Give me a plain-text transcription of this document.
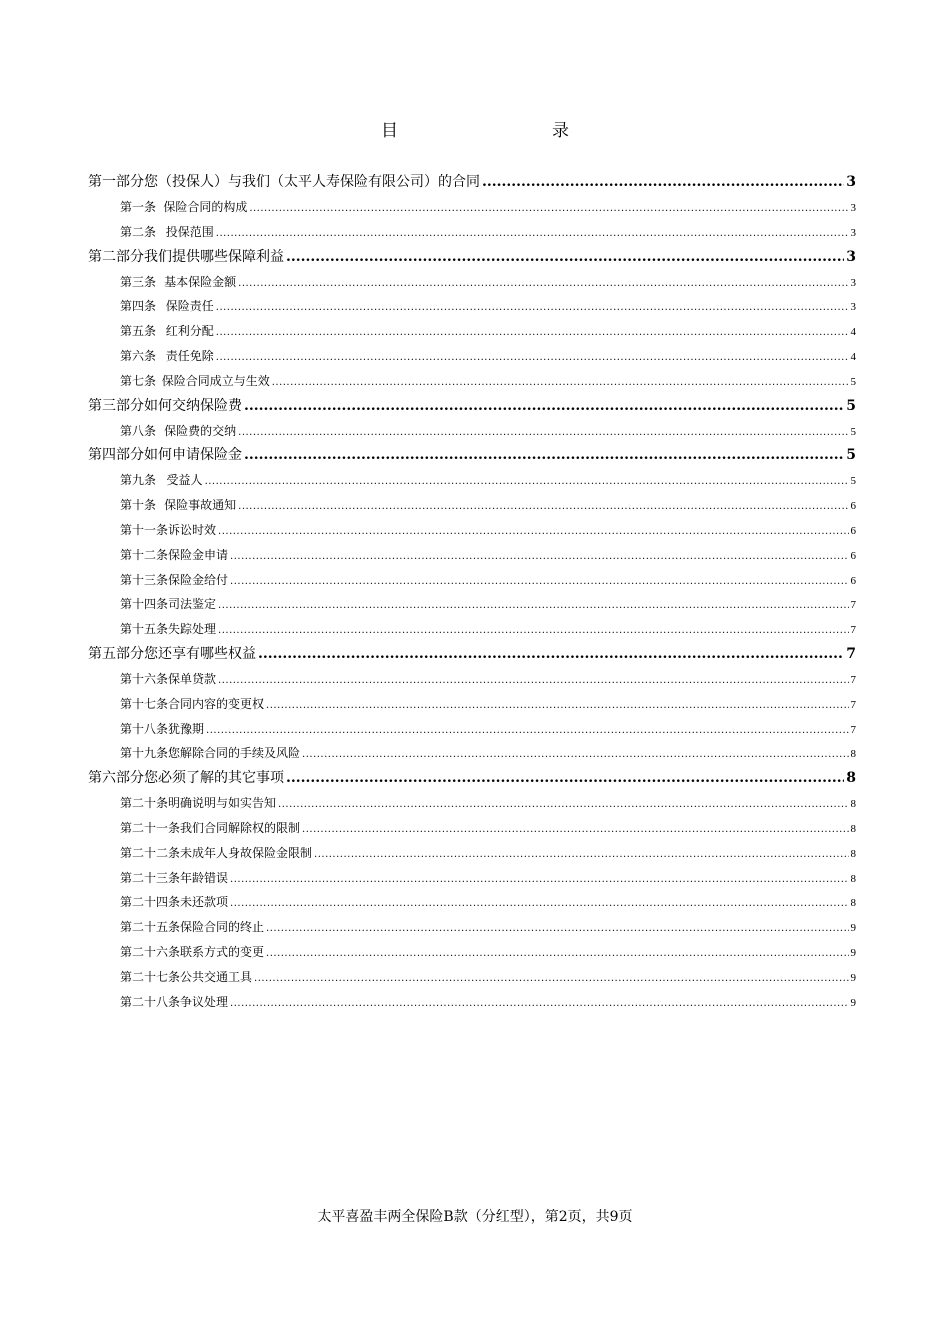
目　　录
第一部分 您（投保人）与我们（太平人寿保险有限公司）的合同 .....	3
第一条 保险合同的构成 .....	3
第二条 投保范围 .....	3
第二部分 我们提供哪些保障利益 .....	3
第三条 基本保险金额 .....	3
第四条 保险责任 .....	3
第五条 红利分配 .....	4
第六条 责任免除 .....	4
第七条 保险合同成立与生效 .....	5
第三部分 如何交纳保险费 .....	5
第八条 保险费的交纳 .....	5
第四部分 如何申请保险金 .....	5
第九条 受益人 .....	5
第十条 保险事故通知 .....	6
第十一条 诉讼时效 .....	6
第十二条 保险金申请 .....	6
第十三条 保险金给付 .....	6
第十四条 司法鉴定 .....	7
第十五条 失踪处理 .....	7
第五部分 您还享有哪些权益 .....	7
第十六条 保单贷款 .....	7
第十七条 合同内容的变更权 .....	7
第十八条 犹豫期 .....	7
第十九条 您解除合同的手续及风险 .....	8
第六部分 您必须了解的其它事项 .....	8
第二十条 明确说明与如实告知 .....	8
第二十一条 我们合同解除权的限制 .....	8
第二十二条 未成年人身故保险金限制 .....	8
第二十三条 年龄错误 .....	8
第二十四条 未还款项 .....	8
第二十五条 保险合同的终止 .....	9
第二十六条 联系方式的变更 .....	9
第二十七条 公共交通工具 .....	9
第二十八条 争议处理 .....	9
太平喜盈丰两全保险B款（分红型），第2页，共9页
